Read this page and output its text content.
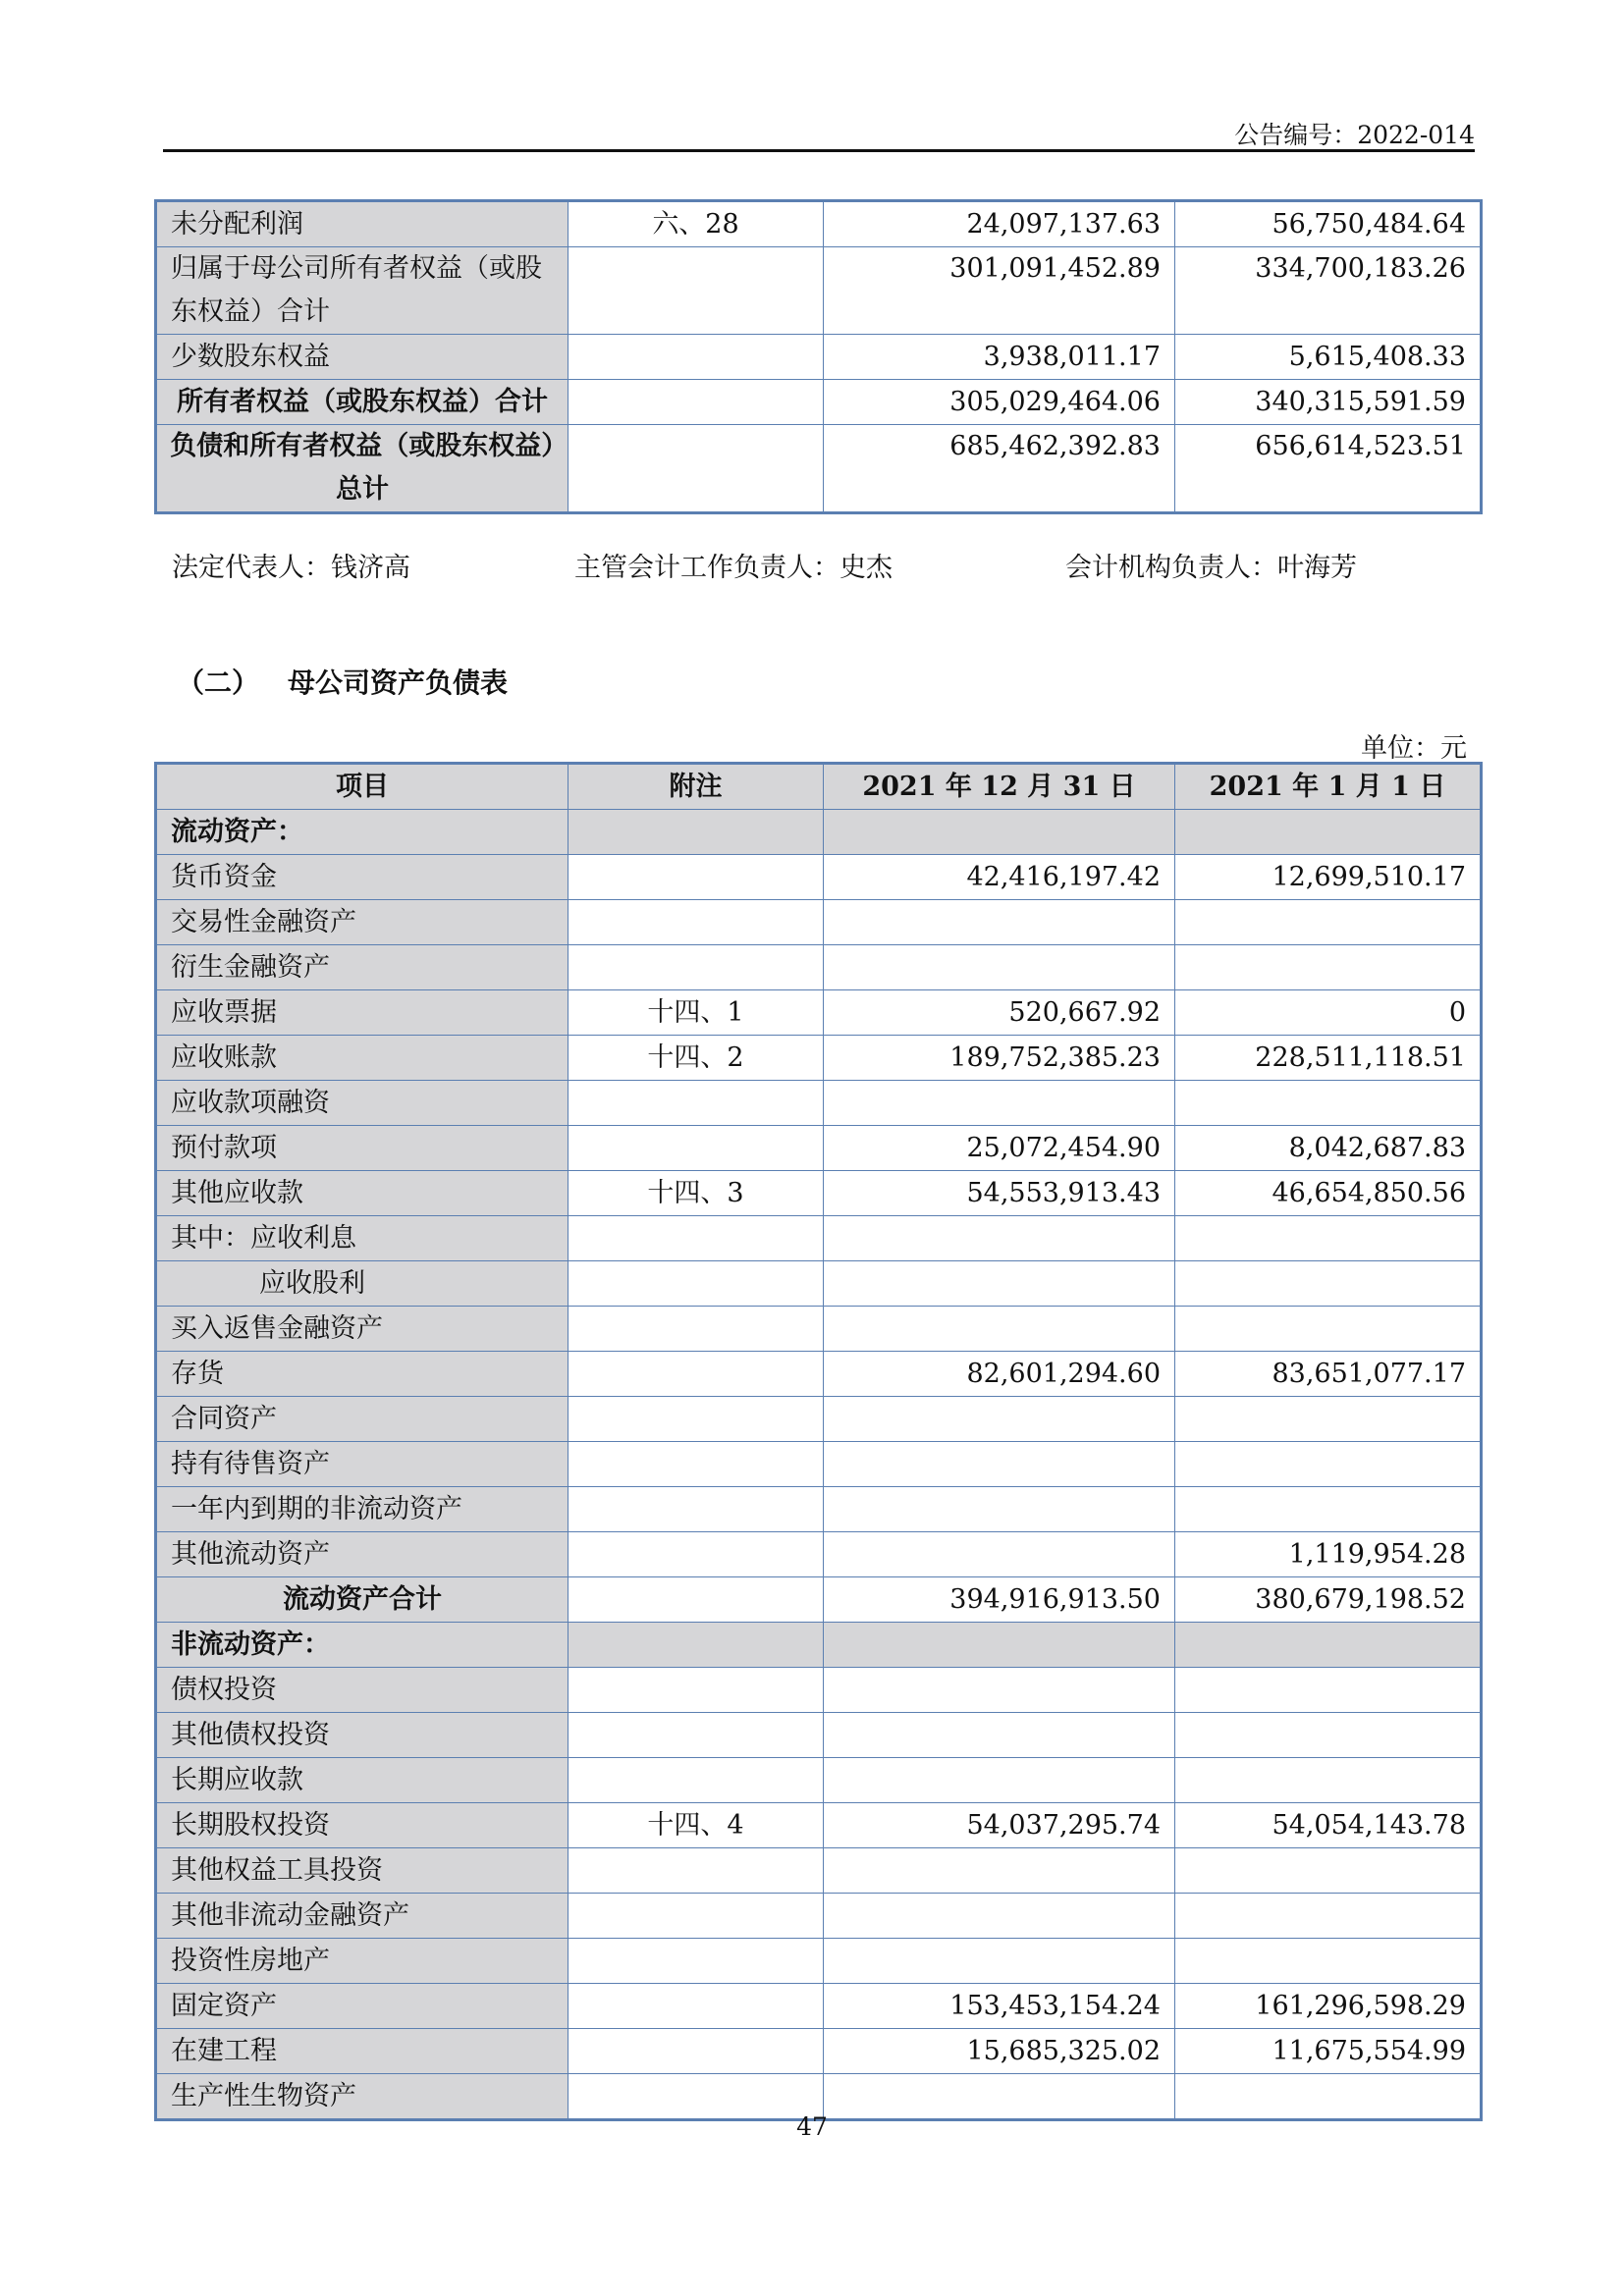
公告编号：2022-014
未分配利润	六、28	24,097,137.63	56,750,484.64
归属于母公司所有者权益（或股东权益）合计		301,091,452.89	334,700,183.26
少数股东权益		3,938,011.17	5,615,408.33
所有者权益（或股东权益）合计		305,029,464.06	340,315,591.59
负债和所有者权益（或股东权益）总计		685,462,392.83	656,614,523.51
法定代表人：钱济高	主管会计工作负责人：史杰	会计机构负责人：叶海芳
（二） 母公司资产负债表
单位：元
项目	附注	2021 年 12 月 31 日	2021 年 1 月 1 日
流动资产：			
货币资金		42,416,197.42	12,699,510.17
交易性金融资产			
衍生金融资产			
应收票据	十四、1	520,667.92	0
应收账款	十四、2	189,752,385.23	228,511,118.51
应收款项融资			
预付款项		25,072,454.90	8,042,687.83
其他应收款	十四、3	54,553,913.43	46,654,850.56
其中：应收利息			
应收股利			
买入返售金融资产			
存货		82,601,294.60	83,651,077.17
合同资产			
持有待售资产			
一年内到期的非流动资产			
其他流动资产			1,119,954.28
流动资产合计		394,916,913.50	380,679,198.52
非流动资产：			
债权投资			
其他债权投资			
长期应收款			
长期股权投资	十四、4	54,037,295.74	54,054,143.78
其他权益工具投资			
其他非流动金融资产			
投资性房地产			
固定资产		153,453,154.24	161,296,598.29
在建工程		15,685,325.02	11,675,554.99
生产性生物资产			
47
